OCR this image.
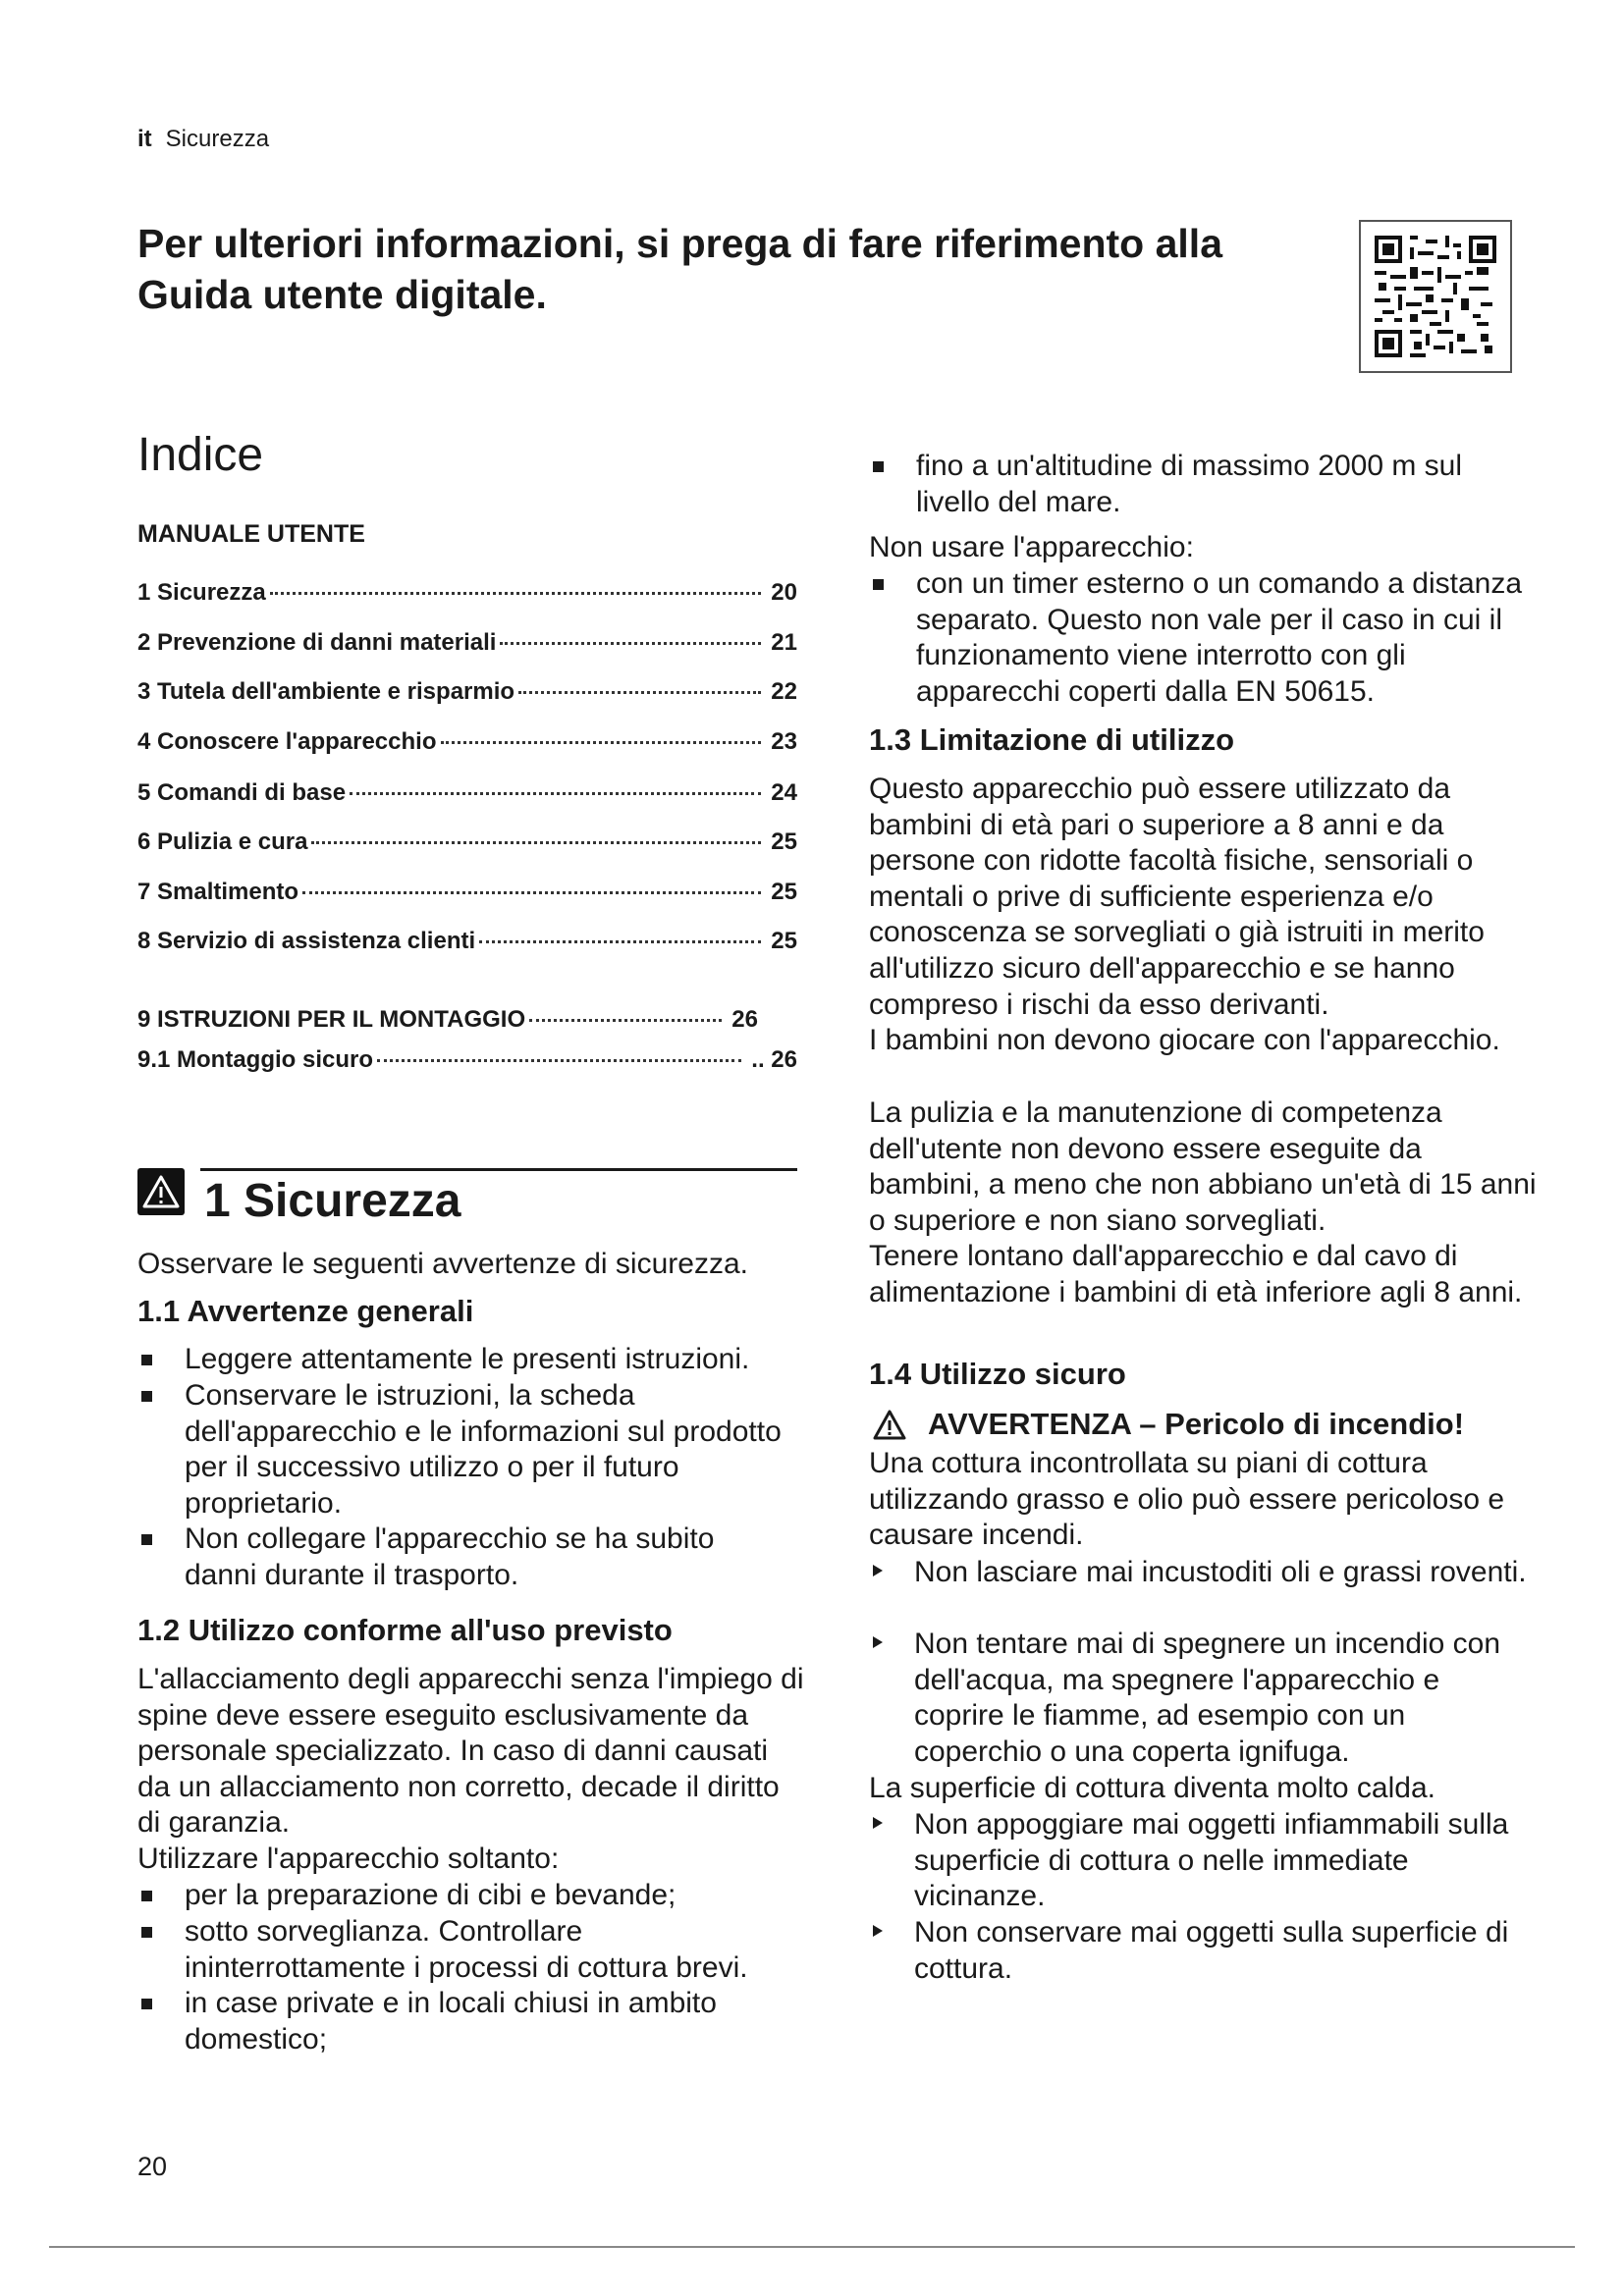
it Sicurezza
Per ulteriori informazioni, si prega di fare riferimento alla Guida utente digitale.
Indice
MANUALE UTENTE
1 Sicurezza	20
2 Prevenzione di danni materiali	21
3 Tutela dell'ambiente e risparmio	22
4 Conoscere l'apparecchio	23
5 Comandi di base	24
6 Pulizia e cura	25
7 Smaltimento	25
8 Servizio di assistenza clienti	25
9 ISTRUZIONI PER IL MONTAGGIO	26
9.1 Montaggio sicuro	.. 26
1 Sicurezza

Osservare le seguenti avvertenze di sicurezza.

1.1 Avvertenze generali
Leggere attentamente le presenti istruzioni.
Conservare le istruzioni, la scheda dell'apparecchio e le informazioni sul prodotto per il successivo utilizzo o per il futuro proprietario.
Non collegare l'apparecchio se ha subito danni durante il trasporto.
1.2 Utilizzo conforme all'uso previsto

L'allacciamento degli apparecchi senza l'impiego di spine deve essere eseguito esclusivamente da personale specializzato. In caso di danni causati da un allacciamento non corretto, decade il diritto di garanzia.

Utilizzare l'apparecchio soltanto:

per la preparazione di cibi e bevande;
sotto sorveglianza. Controllare ininterrottamente i processi di cottura brevi.
in case private e in locali chiusi in ambito domestico;
fino a un'altitudine di massimo 2000 m sul livello del mare.

Non usare l'apparecchio:

con un timer esterno o un comando a distanza separato. Questo non vale per il caso in cui il funzionamento viene interrotto con gli apparecchi coperti dalla EN 50615.
1.3 Limitazione di utilizzo

Questo apparecchio può essere utilizzato da bambini di età pari o superiore a 8 anni e da persone con ridotte facoltà fisiche, sensoriali o mentali o prive di sufficiente esperienza e/o conoscenza se sorvegliati o già istruiti in merito all'utilizzo sicuro dell'apparecchio e se hanno compreso i rischi da esso derivanti.

I bambini non devono giocare con l'apparecchio.

La pulizia e la manutenzione di competenza dell'utente non devono essere eseguite da bambini, a meno che non abbiano un'età di 15 anni o superiore e non siano sorvegliati.

Tenere lontano dall'apparecchio e dal cavo di alimentazione i bambini di età inferiore agli 8 anni.

1.4 Utilizzo sicuro
AVVERTENZA – Pericolo di incendio!

Una cottura incontrollata su piani di cottura utilizzando grasso e olio può essere pericoloso e causare incendi.

Non lasciare mai incustoditi oli e grassi roventi.
Non tentare mai di spegnere un incendio con dell'acqua, ma spegnere l'apparecchio e coprire le fiamme, ad esempio con un coperchio o una coperta ignifuga.

La superficie di cottura diventa molto calda.

Non appoggiare mai oggetti infiammabili sulla superficie di cottura o nelle immediate vicinanze.
Non conservare mai oggetti sulla superficie di cottura.
20
